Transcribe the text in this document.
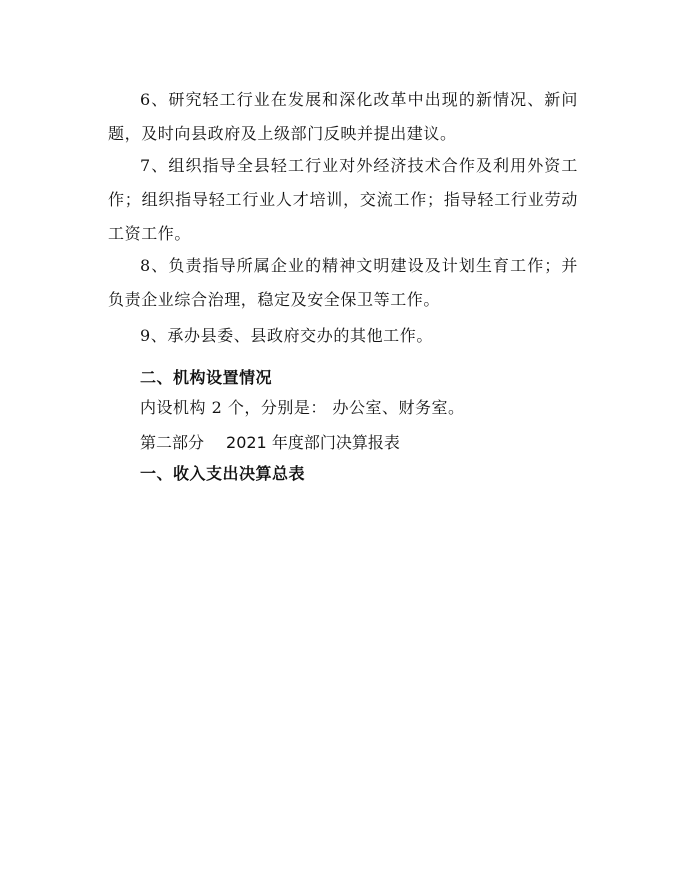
6、研究轻工行业在发展和深化改革中出现的新情况、新问题，及时向县政府及上级部门反映并提出建议。

7、组织指导全县轻工行业对外经济技术合作及利用外资工作；组织指导轻工行业人才培训，交流工作；指导轻工行业劳动工资工作。

8、负责指导所属企业的精神文明建设及计划生育工作；并负责企业综合治理，稳定及安全保卫等工作。

9、承办县委、县政府交办的其他工作。

二、机构设置情况

内设机构 2 个，分别是： 办公室、财务室。

第二部分 2021 年度部门决算报表

一、收入支出决算总表
